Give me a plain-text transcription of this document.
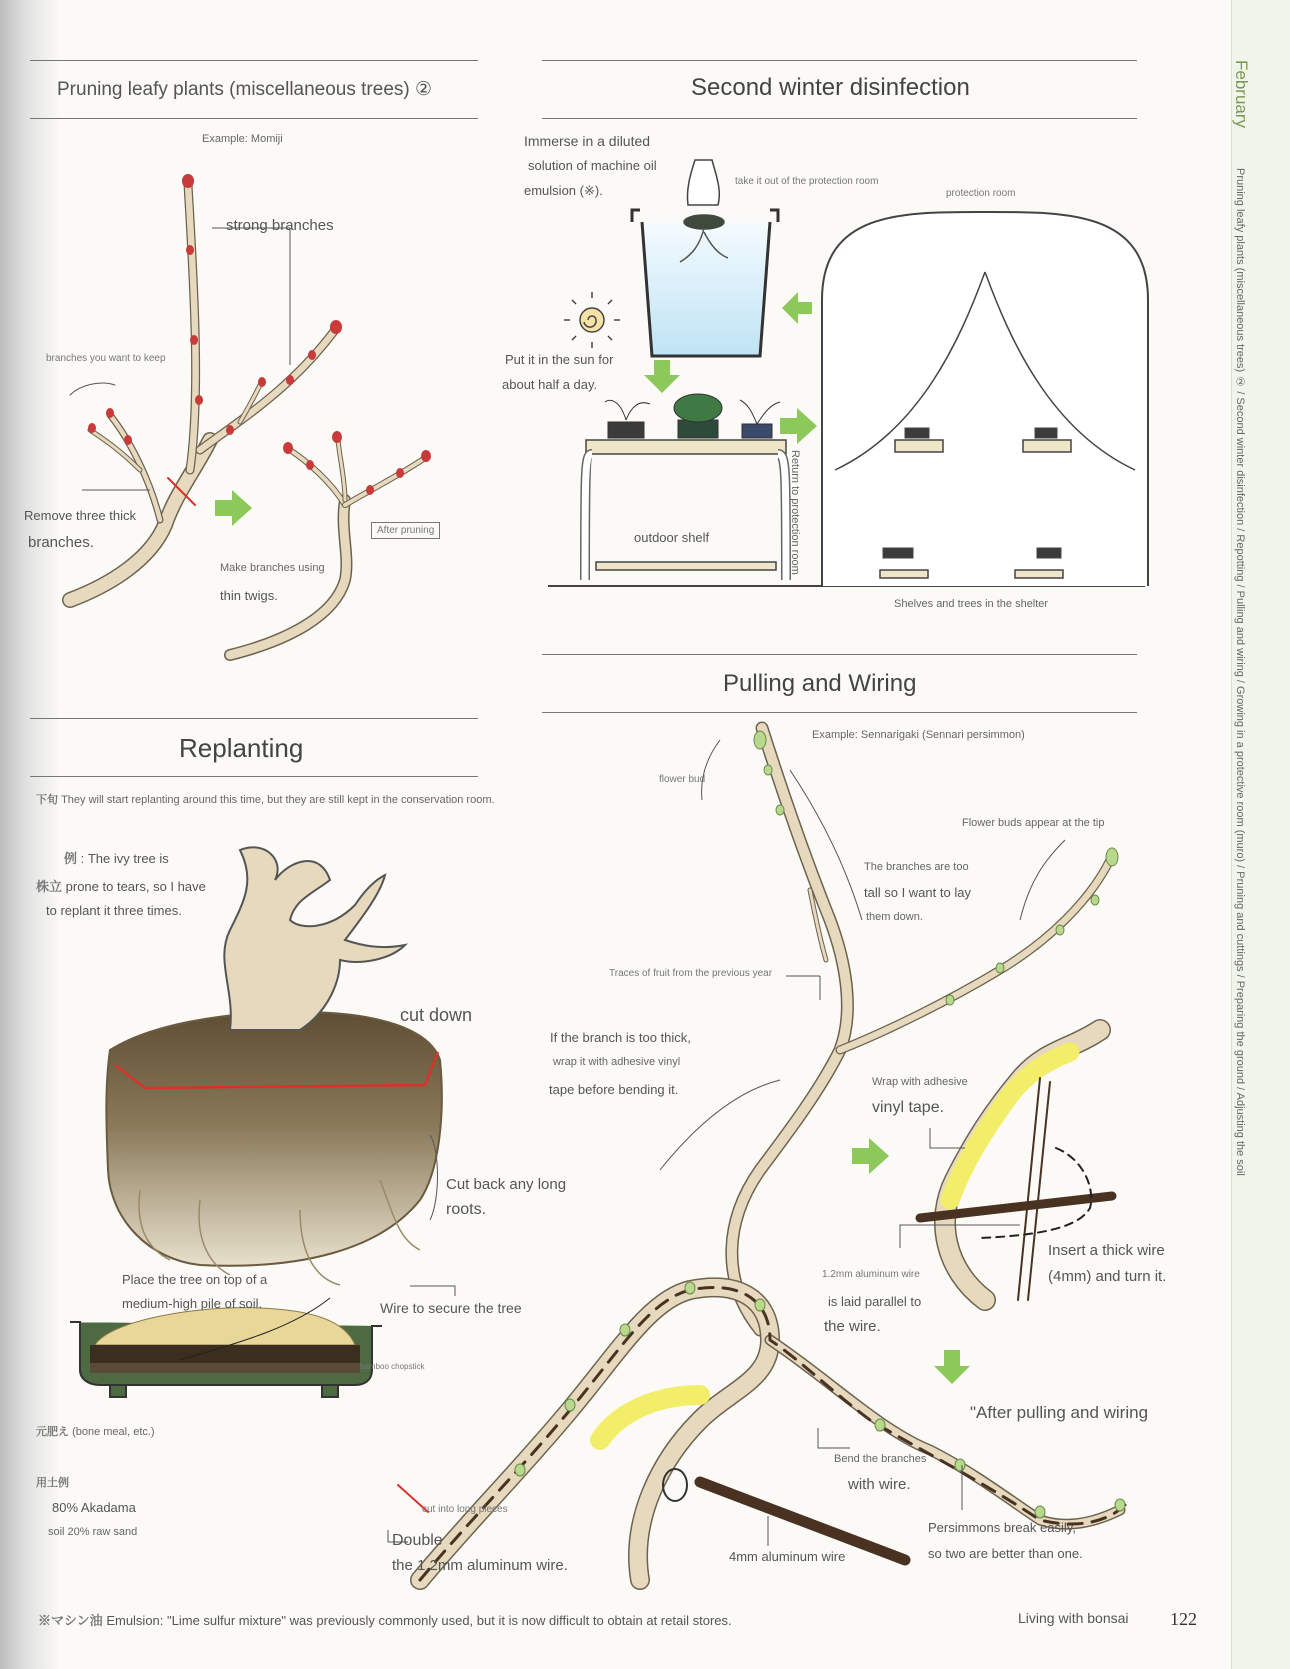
February
Pruning leafy plants (miscellaneous trees) ② / Second winter disinfection / Repotting / Pulling and wiring / Growing in a protective room (muro) / Pruning and cuttings / Preparing the ground / Adjusting the soil
Pruning leafy plants (miscellaneous trees) ②
Example: Momiji
strong branches
branches you want to keep
Remove three thick
branches.
After pruning
Make branches using
thin twigs.
Second winter disinfection
Immerse in a diluted
solution of machine oil
emulsion (※).
take it out of the protection room
protection room
Put it in the sun for
about half a day.
outdoor shelf	Return to protection room
Shelves and trees in the shelter
Replanting
下旬 They will start replanting around this time, but they are still kept in the conservation room.
例 : The ivy tree is
株立 prone to tears, so I have
to replant it three times.
cut down
Cut back any long
roots.
Place the tree on top of a
medium-high pile of soil.	Wire to secure the tree
bamboo chopstick
元肥え (bone meal, etc.)
用土例
80% Akadama
soil 20% raw sand
Pulling and Wiring
Example: Sennarigaki (Sennari persimmon)
flower bud
Flower buds appear at the tip
The branches are too
tall so I want to lay
them down.
Traces of fruit from the previous year
If the branch is too thick,
wrap it with adhesive vinyl
tape before bending it.	Wrap with adhesive
vinyl tape.
Insert a thick wire
(4mm) and turn it.
1.2mm aluminum wire
is laid parallel to
the wire.
"After pulling and wiring
Bend the branches
with wire.
Persimmons break easily,
so two are better than one.
cut into long pieces
Double
the 1.2mm aluminum wire.
4mm aluminum wire
※マシン油 Emulsion: "Lime sulfur mixture" was previously commonly used, but it is now difficult to obtain at retail stores.	Living with bonsai 122
